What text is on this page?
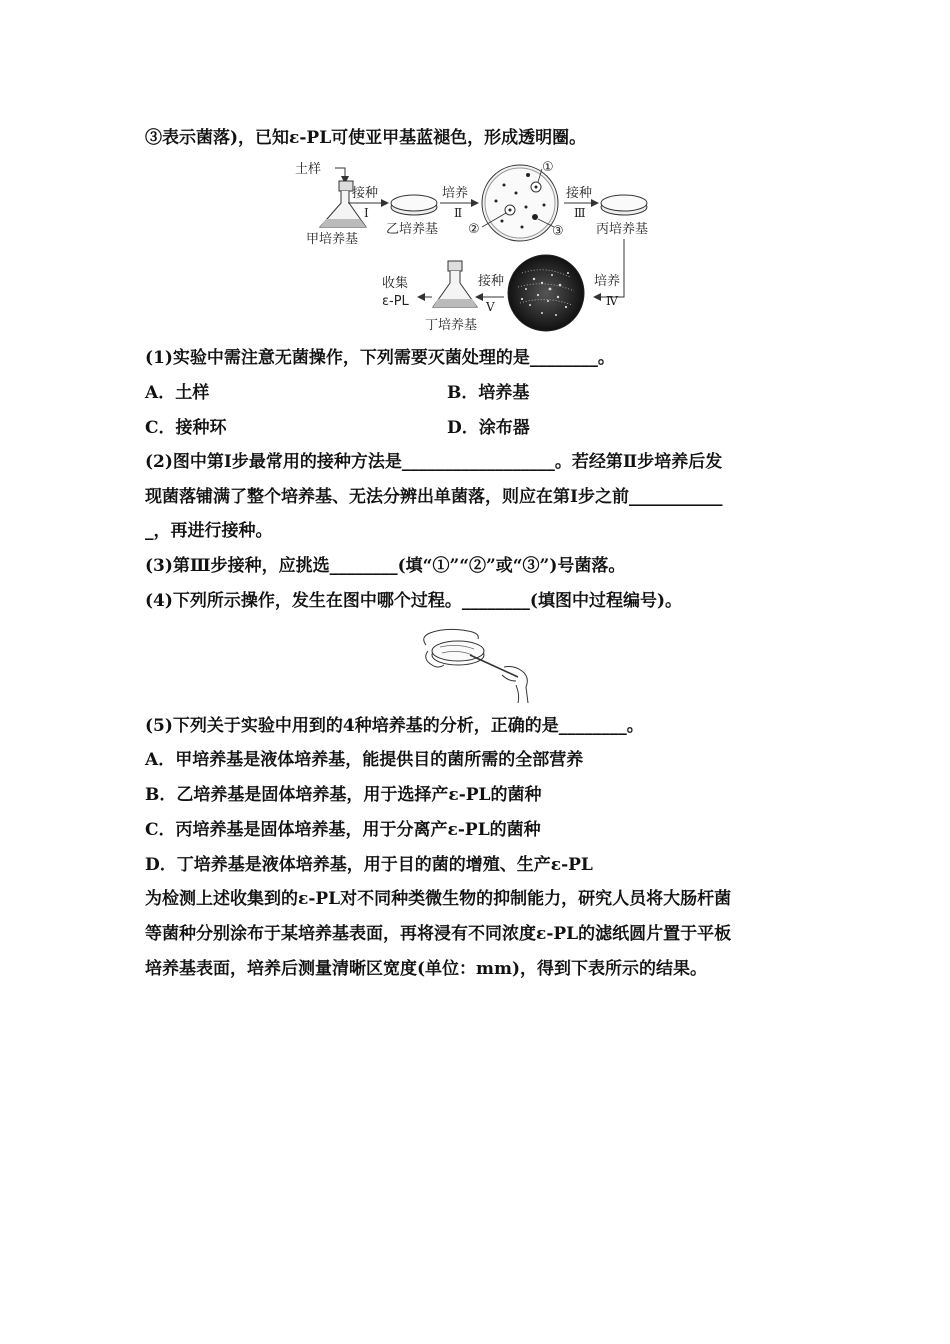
③表示菌落)，已知ε-PL可使亚甲基蓝褪色，形成透明圈。
土样
甲培养基
接种
Ⅰ
乙培养基
培养
Ⅱ
①
②	③
接种
Ⅲ
丙培养基
培养
Ⅳ
接种
Ⅴ
丁培养基
收集
ε-PL
(1)实验中需注意无菌操作，下列需要灭菌处理的是________。
A．土样	B．培养基
C．接种环	D．涂布器
(2)图中第Ⅰ步最常用的接种方法是__________________。若经第Ⅱ步培养后发
现菌落铺满了整个培养基、无法分辨出单菌落，则应在第Ⅰ步之前___________
_，再进行接种。
(3)第Ⅲ步接种，应挑选________(填“①”“②”或“③”)号菌落。
(4)下列所示操作，发生在图中哪个过程。________(填图中过程编号)。
(5)下列关于实验中用到的4种培养基的分析，正确的是________。
A．甲培养基是液体培养基，能提供目的菌所需的全部营养
B．乙培养基是固体培养基，用于选择产ε-PL的菌种
C．丙培养基是固体培养基，用于分离产ε-PL的菌种
D．丁培养基是液体培养基，用于目的菌的增殖、生产ε-PL
为检测上述收集到的ε-PL对不同种类微生物的抑制能力，研究人员将大肠杆菌
等菌种分别涂布于某培养基表面，再将浸有不同浓度ε-PL的滤纸圆片置于平板
培养基表面，培养后测量清晰区宽度(单位：mm)，得到下表所示的结果。
